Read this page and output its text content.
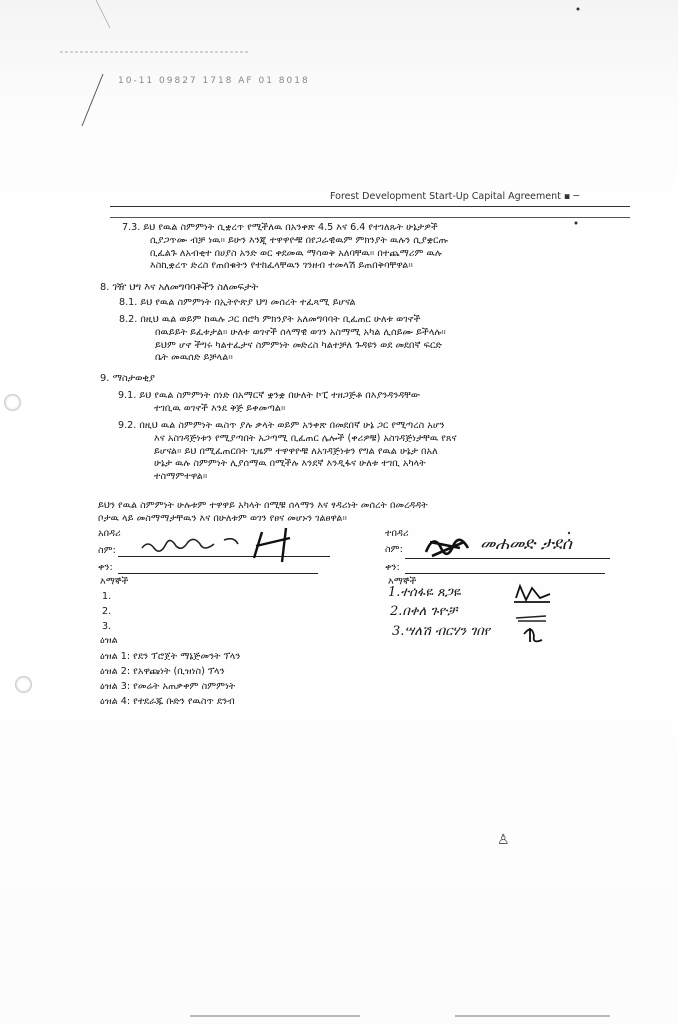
10-11 09827 1718 AF 01 8018
Forest Development Start-Up Capital Agreement ▪ ─
7.3. ይህ የዉል ስምምነት ሲቋረጥ የሚችለዉ በአንቀጽ 4.5 እና 6.4 የተገለጹት ሁኔታዎች
ሲያጋጥሙ ብቻ ነዉ። ይሁን እንጂ ተዋዋዮቹ በየጋራዊዉም ምክንያት ዉሉን ሲያቋርጡ
ቢፈልጉ ለአብቂተ በሀያስ አንድ ወር ቀደመዉ ማሳወቅ አለባቸዉ። በተጨማሪም ዉሉ
እስኪቋረጥ ድረስ የጠበቁትን የተከፈላቸዉን ገንዘብ ተመላሽ ይጠበቅባቸዋል።
8. ገዥ ህግ እና አለመግባባቶችን ስለመፍታት
8.1. ይህ የዉል ስምምነት በኢትዮጵያ ህግ መሰረት ተፈጻሚ ይሆናል
8.2. በዚህ ዉል ወይም ከዉሉ ጋር በሮካ ምክንያት አለመግባባት ቢፈጠር ሁለቱ ወገኖች
በዉይይት ይፈቱታል። ሁለቱ ወገኖች ሰላማዊ ወገን አስማሚ አካል ሊሰይሙ ይችላሉ።
ይህም ሆኖ ችግሩ ካልተፈታና ስምምነት መድረስ ካልተቻለ ጉዳዩን ወደ መደበኛ ፍርድ
ቤት መዉሰድ ይቻላል።
9. ማስታወቂያ
9.1. ይህ የዉል ስምምነት ሰነድ በአማርኛ ቋንቋ በሁለት ኮፒ ተዘጋጅቶ በእያንዳንዳቸው
ተገቢዉ ወገኖች እንደ ቅጅ ይቀመጣል።
9.2. በዚህ ዉል ስምምነት ዉስጥ ያሉ ቃላት ወይም አንቀጽ በመደበኛ ሁኔ ጋር የሚጣረስ አሆን
እና አስገዳጅነቱን የሚያጣበት አጋጣሚ ቢፈጠር ሌሎች (ቀሪዎቹ) አስገዳጅነታቸዉ የጸና
ይሆናል። ይህ በሚፈጠርበት ጊዜም ተዋዋዮቹ ለአገዳጅነቱን የግል የዉል ሁኔታ በአለ
ሁኔታ ዉሉ ስምምነት ሊያሰማዉ በሚችሉ እንደኛ እንዲፋና ሁለቱ ተገቢ አካላት
ተስማምተዋል።
ይህን የዉል ስምምነት ሁሉቱም ተዋዋይ አካላት በሚቹ ሰላማን እና ፃዳሪነት መሰረት በመረዳዳት
ቦታዉ ላይ መስማማታቸዉን እና በሁለቱም ወገን የፀና መሆኑን ገልፀዋል።
አበዳሪ
ስም:
ቀን:
እማኞች
1.
2.
3.
ዕዝል
ዕዝል 1: የደን ፕሮጀት ማኔጅመንት ፕላን
ዕዝል 2: የአዋጩነት (ቢዝነስ) ፕላን
ዕዝል 3: የመሬት አጠቃቀም ስምምነት
ዕዝል 4: የተደራጁ ቡድን የዉስጥ ደንብ
ተበዳሪ
ስም:	መሐመድ ታደሰ
ቀን:
እማኞች
1.ተሰፋዬ ጸጋዬ
2.በቀለ ጉዮቻ
3.ሣለሽ ብርሃን ገበየ
♙
